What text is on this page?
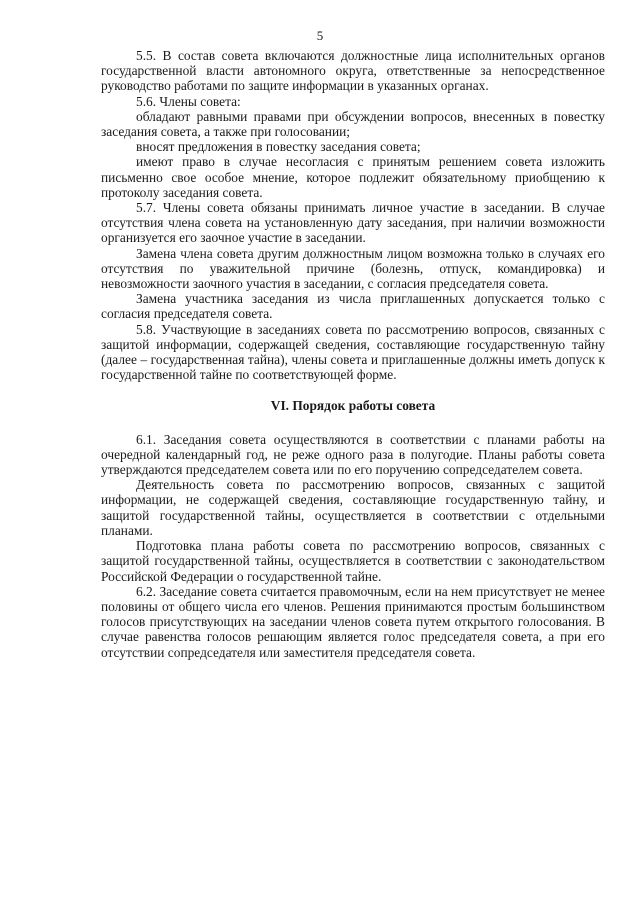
5

5.5. В состав совета включаются должностные лица исполнительных органов государственной власти автономного округа, ответственные за непосредственное руководство работами по защите информации в указанных органах.

5.6. Члены совета:

обладают равными правами при обсуждении вопросов, внесенных в повестку заседания совета, а также при голосовании;

вносят предложения в повестку заседания совета;

имеют право в случае несогласия с принятым решением совета изложить письменно свое особое мнение, которое подлежит обязательному приобщению к протоколу заседания совета.

5.7. Члены совета обязаны принимать личное участие в заседании. В случае отсутствия члена совета на установленную дату заседания, при наличии возможности организуется его заочное участие в заседании.

Замена члена совета другим должностным лицом возможна только в случаях его отсутствия по уважительной причине (болезнь, отпуск, командировка) и невозможности заочного участия в заседании, с согласия председателя совета.

Замена участника заседания из числа приглашенных допускается только с согласия председателя совета.

5.8. Участвующие в заседаниях совета по рассмотрению вопросов, связанных с защитой информации, содержащей сведения, составляющие государственную тайну (далее – государственная тайна), члены совета и приглашенные должны иметь допуск к государственной тайне по соответствующей форме.

VI. Порядок работы совета

6.1. Заседания совета осуществляются в соответствии с планами работы на очередной календарный год, не реже одного раза в полугодие. Планы работы совета утверждаются председателем совета или по его поручению сопредседателем совета.

Деятельность совета по рассмотрению вопросов, связанных с защитой информации, не содержащей сведения, составляющие государственную тайну, и защитой государственной тайны, осуществляется в соответствии с отдельными планами.

Подготовка плана работы совета по рассмотрению вопросов, связанных с защитой государственной тайны, осуществляется в соответствии с законодательством Российской Федерации о государственной тайне.

6.2. Заседание совета считается правомочным, если на нем присутствует не менее половины от общего числа его членов. Решения принимаются простым большинством голосов присутствующих на заседании членов совета путем открытого голосования. В случае равенства голосов решающим является голос председателя совета, а при его отсутствии сопредседателя или заместителя председателя совета.
